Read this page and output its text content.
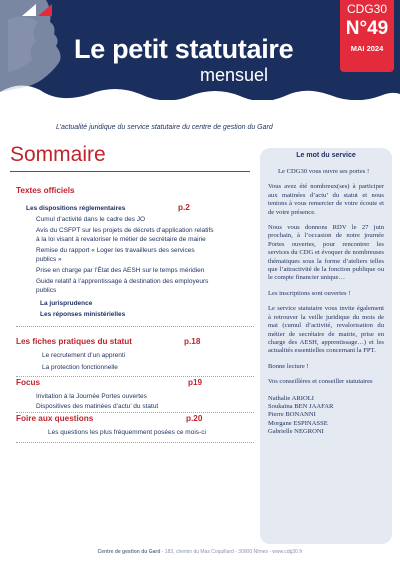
Le petit statutaire
mensuel
CDG30
N°49
MAI 2024
L’actualité juridique du service statutaire du centre de gestion du Gard
Sommaire
Textes officiels
Les dispositions réglementaires	p.2
Cumul d’activité dans le cadre des JO
Avis du CSFPT sur les projets de décrets d’application relatifs
à la loi visant à revaloriser le métier de secrétaire de mairie
Remise du rapport « Loger les travailleurs des services
publics »
Prise en charge par l’État des AESH sur le temps méridien
Guide relatif à l’apprentissage à destination des employeurs
publics
La jurisprudence
Les réponses ministérielles
Les fiches pratiques du statut	p.18
Le recrutement d’un apprenti
La protection fonctionnelle
Focus	p19
Invitation à la Journée Portes ouvertes
Dispositives des matinées d’actu’ du statut
Foire aux questions	p.20
Les questions les plus fréquemment posées ce mois-ci
Le mot du service

Le CDG30 vous ouvre ses portes !

Vous avez été nombreux(ses) à participer aux matinées d’actu’ du statut et nous tenions à vous remercier de votre écoute et de votre présence.

Nous vous donnons RDV le 27 juin prochain, à l’occasion de notre journée Portes ouvertes, pour rencontrer les services du CDG et évoquer de nombreuses thématiques sous la forme d’ateliers telles que l’attractivité de la fonction publique ou le compte financier unique…

Les inscriptions sont ouvertes !

Le service statutaire vous invite également à retrouver la veille juridique du mois de mai (cumul d’activité, revalorisation du métier de secrétaire de mairie, prise en charge des AESH, apprentissage…) et les actualités essentielles concernant la FPT.

Bonne lecture !

Vos conseillères et conseiller statutaires

Nathalie ARIOLI

Soukaïna BEN JAAFAR

Pierre BONANNI

Morgane ESPINASSE

Gabrielle NEGRONI

Centre de gestion du Gard - 183, chemin du Mas Coquillard - 30900 Nîmes - www.cdg30.fr
